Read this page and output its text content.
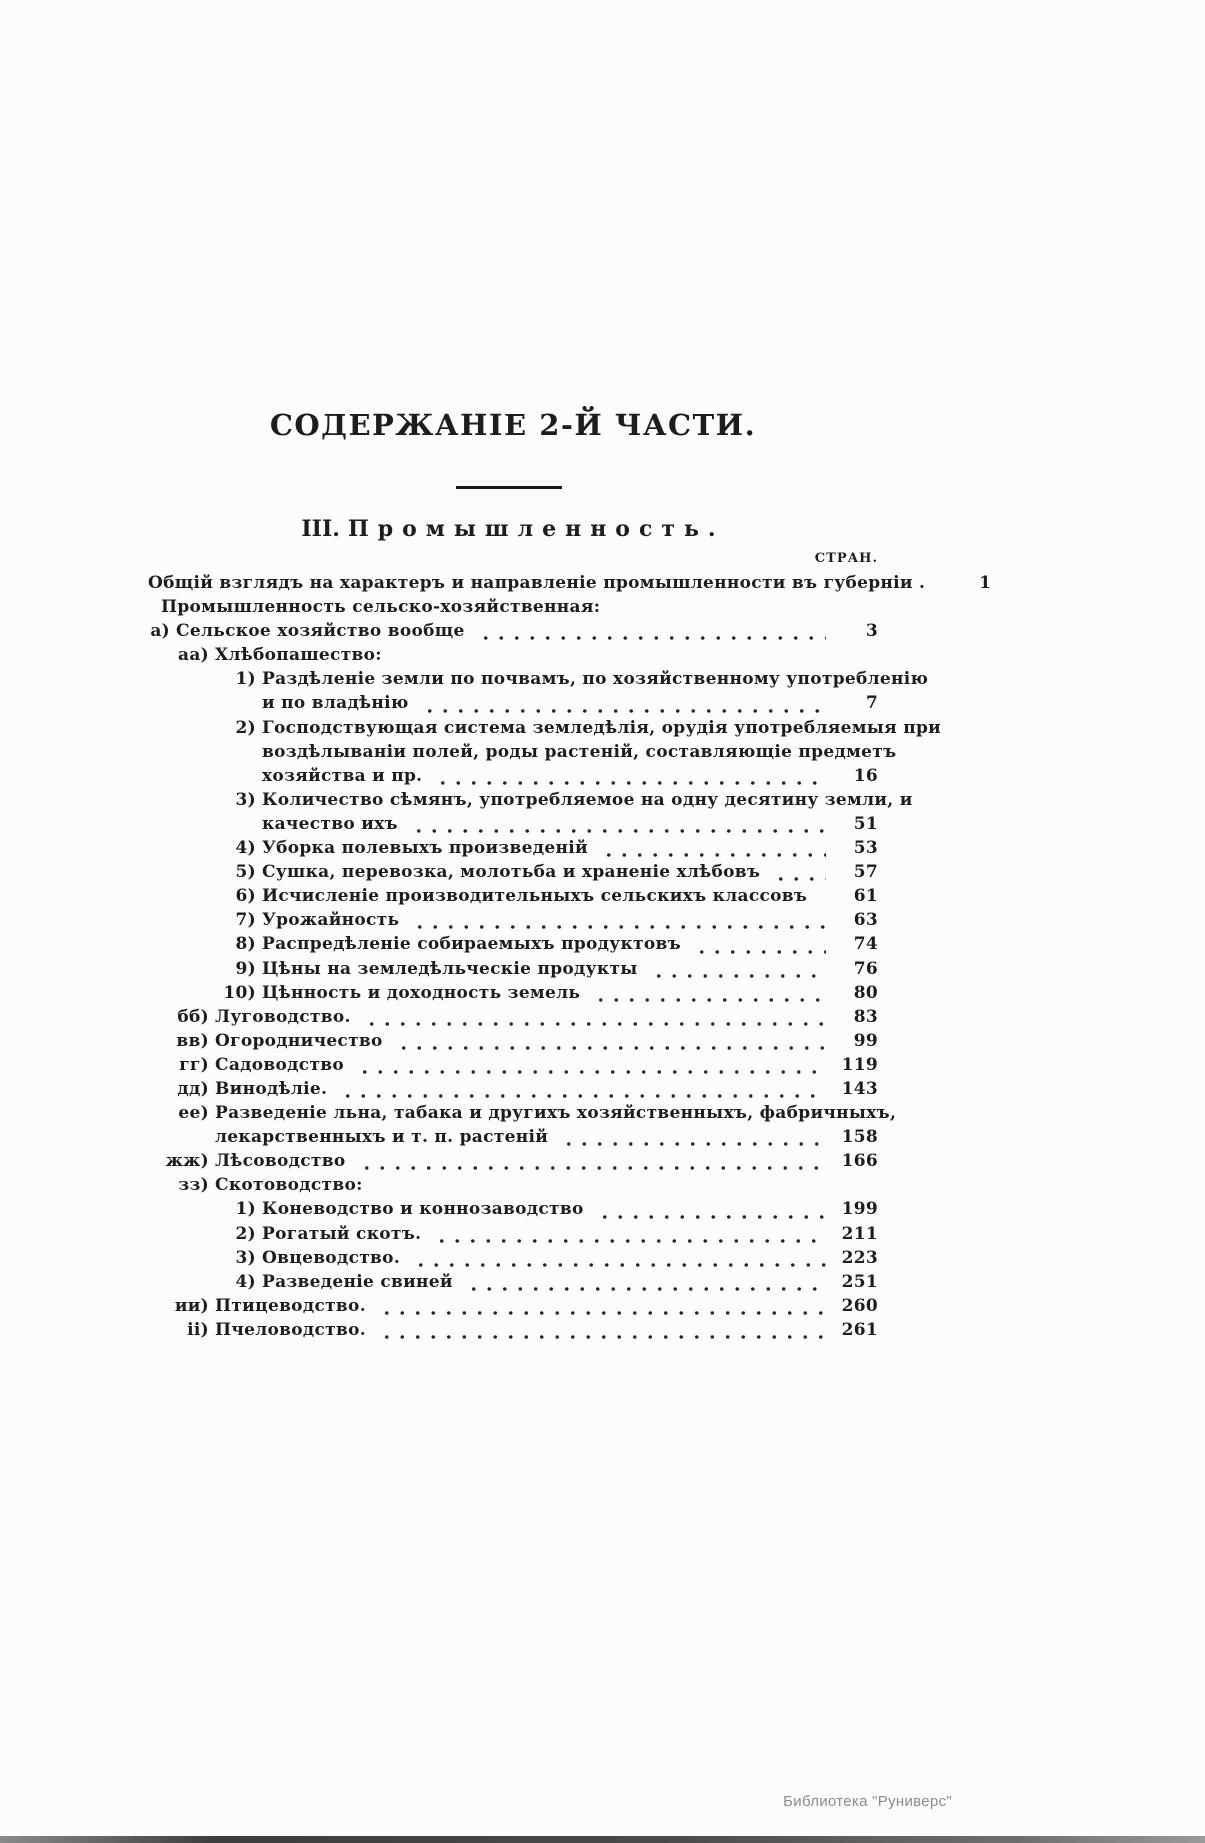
СОДЕРЖАНІЕ 2-Й ЧАСТИ.
III. Промышленность.
СТРАН.
Общій взглядъ на характеръ и направленіе промышленности въ губерніи .	1
Промышленность сельско-хозяйственная:
а) Сельское хозяйство вообще	3
аа) Хлѣбопашество:
1) Раздѣленіе земли по почвамъ, по хозяйственному употребленію
и по владѣнію	7
2) Господствующая система земледѣлія, орудія употребляемыя при
воздѣлываніи полей, роды растеній, составляющіе предметъ
хозяйства и пр.	16
3) Количество сѣмянъ, употребляемое на одну десятину земли, и
качество ихъ	51
4) Уборка полевыхъ произведеній	53
5) Сушка, перевозка, молотьба и храненіе хлѣбовъ	57
6) Исчисленіе производительныхъ сельскихъ классовъ	61
7) Урожайность	63
8) Распредѣленіе собираемыхъ продуктовъ	74
9) Цѣны на земледѣльческіе продукты	76
10) Цѣнность и доходность земель	80
бб) Луговодство.	83
вв) Огородничество	99
гг) Садоводство	119
дд) Винодѣліе.	143
ее) Разведеніе льна, табака и другихъ хозяйственныхъ, фабричныхъ,
лекарственныхъ и т. п. растеній	158
жж) Лѣсоводство	166
зз) Скотоводство:
1) Коневодство и коннозаводство	199
2) Рогатый скотъ.	211
3) Овцеводство.	223
4) Разведеніе свиней	251
ии) Птицеводство.	260
іі) Пчеловодство.	261
Библиотека "Руниверс"
